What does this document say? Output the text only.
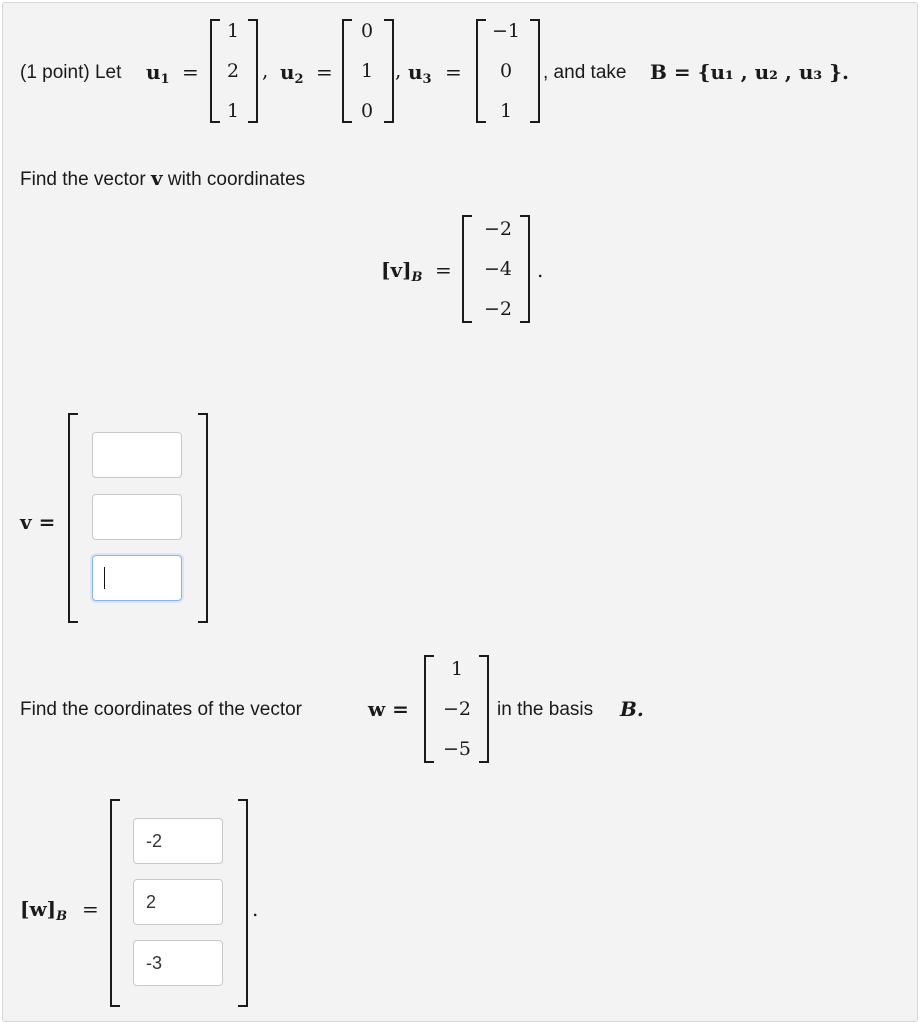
(1 point) Let $u_1$ =
1
2
1
, $u_2$ =
0
1
0
, $u_3$ =
−1
0
1
, and take B = {u₁ , u₂ , u₃ }.
Find the vector v with coordinates
$[v]_B$ =
−2
−4
−2
.
v =
Find the coordinates of the vector	w =
1
−2
−5
in the basis B.
$[w]_B$ =
-2
2
-3	.
